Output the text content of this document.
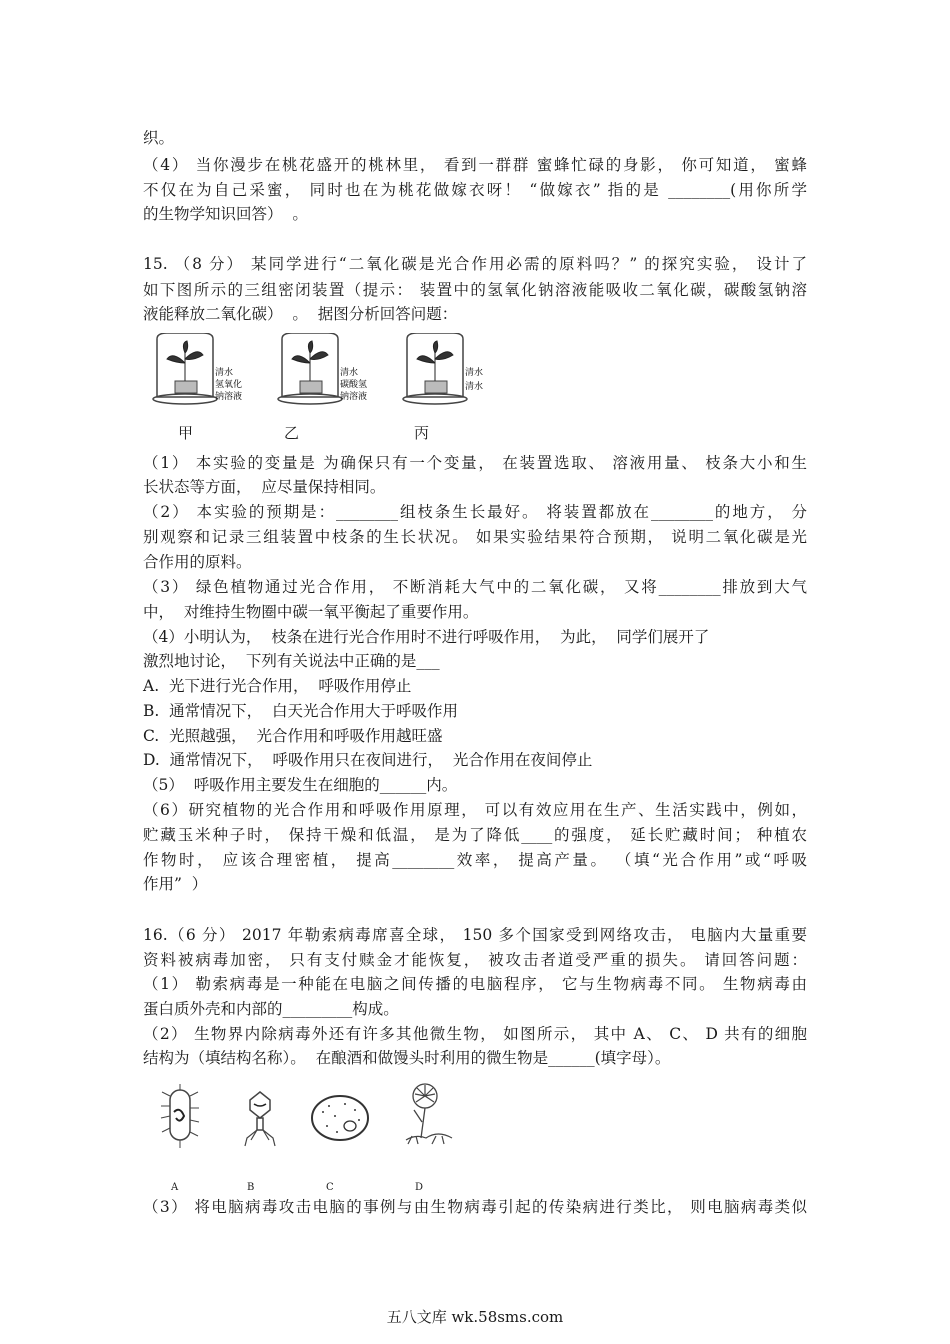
织。
（4） 当你漫步在桃花盛开的桃林里， 看到一群群 蜜蜂忙碌的身影， 你可知道， 蜜蜂
不仅在为自己采蜜， 同时也在为桃花做嫁衣呀！ “做嫁衣” 指的是 ________(用你所学
的生物学知识回答）  。
15. （8 分） 某同学进行“二氧化碳是光合作用必需的原料吗？” 的探究实验， 设计了
如下图所示的三组密闭装置（提示： 装置中的氢氧化钠溶液能吸收二氧化碳，碳酸氢钠溶
液能释放二氧化碳）  。  据图分析回答问题：
清水
氢氧化
钠溶液
清水
碳酸氢
钠溶液
清水
清水
甲	乙	丙
（1） 本实验的变量是 为确保只有一个变量， 在装置选取、 溶液用量、 枝条大小和生
长状态等方面，  应尽量保持相同。
（2） 本实验的预期是：________组枝条生长最好。 将装置都放在________的地方， 分
别观察和记录三组装置中枝条的生长状况。 如果实验结果符合预期， 说明二氧化碳是光
合作用的原料。
（3） 绿色植物通过光合作用， 不断消耗大气中的二氧化碳， 又将________排放到大气
中，  对维持生物圈中碳一氧平衡起了重要作用。
（4）小明认为，  枝条在进行光合作用时不进行呼吸作用，  为此，  同学们展开了
激烈地讨论，  下列有关说法中正确的是___
A.  光下进行光合作用，  呼吸作用停止
B.  通常情况下，  白天光合作用大于呼吸作用
C.  光照越强，  光合作用和呼吸作用越旺盛
D.  通常情况下，  呼吸作用只在夜间进行，  光合作用在夜间停止
（5）  呼吸作用主要发生在细胞的______内。
（6）研究植物的光合作用和呼吸作用原理， 可以有效应用在生产、生活实践中，例如，
贮藏玉米种子时， 保持干燥和低温， 是为了降低____的强度， 延长贮藏时间； 种植农
作物时， 应该合理密植， 提高________效率， 提高产量。 （填“光合作用”或“呼吸
作用”  ）
16.（6 分） 2017 年勒索病毒席喜全球， 150 多个国家受到网络攻击， 电脑内大量重要
资料被病毒加密， 只有支付赎金才能恢复， 被攻击者道受严重的损失。 请回答问题：
（1） 勒索病毒是一种能在电脑之间传播的电脑程序， 它与生物病毒不同。 生物病毒由
蛋白质外壳和内部的_________构成。
（2） 生物界内除病毒外还有许多其他微生物， 如图所示， 其中 A、 C、 D 共有的细胞
结构为（填结构名称）。  在酿酒和做馒头时利用的微生物是______(填字母）。
A	B	C	D
（3） 将电脑病毒攻击电脑的事例与由生物病毒引起的传染病进行类比， 则电脑病毒类似
五八文库 wk.58sms.com
